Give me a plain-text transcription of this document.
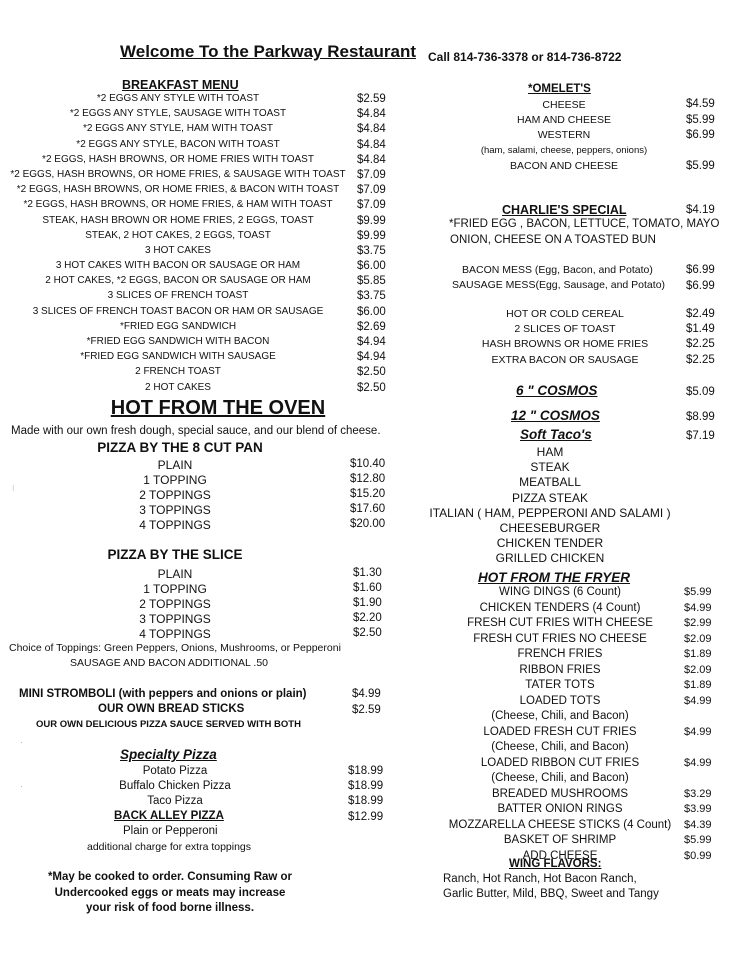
Welcome To the Parkway Restaurant Call 814-736-3378 or 814-736-8722
BREAKFAST MENU
*2 EGGS ANY STYLE WITH TOAST	$2.59
*2 EGGS ANY STYLE, SAUSAGE WITH TOAST	$4.84
*2 EGGS ANY STYLE, HAM WITH TOAST	$4.84
*2 EGGS ANY STYLE, BACON WITH TOAST	$4.84
*2 EGGS, HASH BROWNS, OR HOME FRIES WITH TOAST	$4.84
*2 EGGS, HASH BROWNS, OR HOME FRIES, & SAUSAGE WITH TOAST $7.09
*2 EGGS, HASH BROWNS, OR HOME FRIES, & BACON WITH TOAST	$7.09
*2 EGGS, HASH BROWNS, OR HOME FRIES, & HAM WITH TOAST	$7.09
STEAK, HASH BROWN OR HOME FRIES, 2 EGGS, TOAST	$9.99
STEAK, 2 HOT CAKES, 2 EGGS, TOAST	$9.99
3 HOT CAKES	$3.75
3 HOT CAKES WITH BACON OR SAUSAGE OR HAM	$6.00
2 HOT CAKES, *2 EGGS, BACON OR SAUSAGE OR HAM	$5.85
3 SLICES OF FRENCH TOAST	$3.75
3 SLICES OF FRENCH TOAST BACON OR HAM OR SAUSAGE	$6.00
*FRIED EGG SANDWICH	$2.69
*FRIED EGG SANDWICH WITH BACON	$4.94
*FRIED EGG SANDWICH WITH SAUSAGE	$4.94
2 FRENCH TOAST	$2.50
2 HOT CAKES	$2.50
HOT FROM THE OVEN
Made with our own fresh dough, special sauce, and our blend of cheese.
PIZZA BY THE 8 CUT PAN
PLAIN	$10.40
1 TOPPING	$12.80
2 TOPPINGS	$15.20
3 TOPPINGS	$17.60
4 TOPPINGS	$20.00
PIZZA BY THE SLICE
PLAIN	$1.30
1 TOPPING	$1.60
2 TOPPINGS	$1.90
3 TOPPINGS	$2.20
4 TOPPINGS	$2.50
Choice of Toppings: Green Peppers, Onions, Mushrooms, or Pepperoni
SAUSAGE AND BACON ADDITIONAL .50
MINI STROMBOLI (with peppers and onions or plain)	$4.99
OUR OWN BREAD STICKS	$2.59
OUR OWN DELICIOUS PIZZA SAUCE SERVED WITH BOTH
Specialty Pizza
Potato Pizza	$18.99
Buffalo Chicken Pizza	$18.99
Taco Pizza	$18.99
BACK ALLEY PIZZA	$12.99
Plain or Pepperoni
additional charge for extra toppings
*May be cooked to order. Consuming Raw or
Undercooked eggs or meats may increase
your risk of food borne illness.
*OMELET'S
CHEESE	$4.59
HAM AND CHEESE	$5.99
WESTERN	$6.99
(ham, salami, cheese, peppers, onions)
BACON AND CHEESE	$5.99
CHARLIE'S SPECIAL	$4.19
*FRIED EGG , BACON, LETTUCE, TOMATO, MAYO
ONION, CHEESE ON A TOASTED BUN
BACON MESS (Egg, Bacon, and Potato)	$6.99
SAUSAGE MESS(Egg, Sausage, and Potato) $6.99
HOT OR COLD CEREAL	$2.49
2 SLICES OF TOAST	$1.49
HASH BROWNS OR HOME FRIES	$2.25
EXTRA BACON OR SAUSAGE	$2.25
6 " COSMOS	$5.09
12 " COSMOS	$8.99
Soft Taco's	$7.19
HAM
STEAK
MEATBALL
PIZZA STEAK
ITALIAN ( HAM, PEPPERONI AND SALAMI )
CHEESEBURGER
CHICKEN TENDER
GRILLED CHICKEN
HOT FROM THE FRYER
WING DINGS (6 Count)	$5.99
CHICKEN TENDERS (4 Count)	$4.99
FRESH CUT FRIES WITH CHEESE	$2.99
FRESH CUT FRIES NO CHEESE	$2.09
FRENCH FRIES	$1.89
RIBBON FRIES	$2.09
TATER TOTS	$1.89
LOADED TOTS	$4.99
(Cheese, Chili, and Bacon)
LOADED FRESH CUT FRIES	$4.99
(Cheese, Chili, and Bacon)
LOADED RIBBON CUT FRIES	$4.99
(Cheese, Chili, and Bacon)
BREADED MUSHROOMS	$3.29
BATTER ONION RINGS	$3.99
MOZZARELLA CHEESE STICKS (4 Count)	$4.39
BASKET OF SHRIMP	$5.99
ADD CHEESE	$0.99
WING FLAVORS:
Ranch, Hot Ranch, Hot Bacon Ranch,
Garlic Butter, Mild, BBQ, Sweet and Tangy
⁝
·
·
